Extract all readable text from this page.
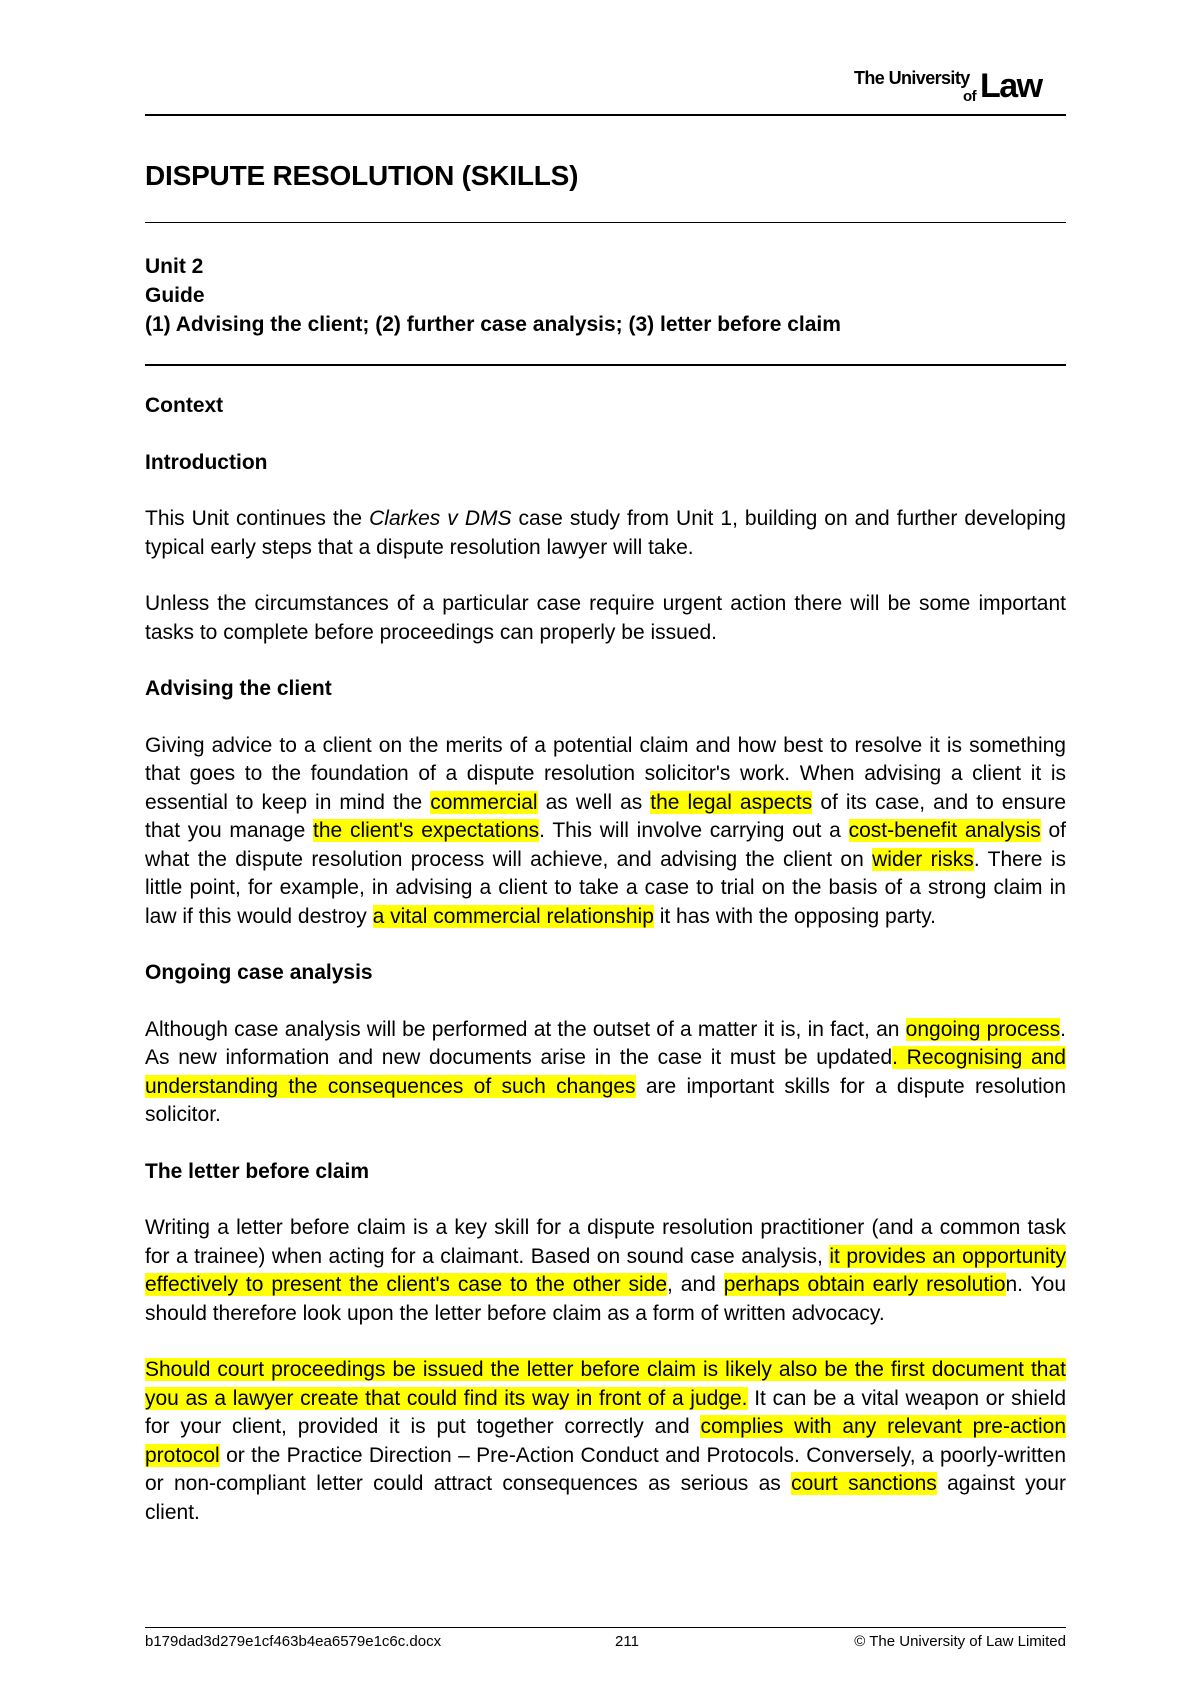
The University
of Law
DISPUTE RESOLUTION (SKILLS)
Unit 2
Guide
(1) Advising the client; (2) further case analysis; (3) letter before claim
Context
Introduction

This Unit continues the Clarkes v DMS case study from Unit 1, building on and further developing typical early steps that a dispute resolution lawyer will take.

Unless the circumstances of a particular case require urgent action there will be some important tasks to complete before proceedings can properly be issued.

Advising the client

Giving advice to a client on the merits of a potential claim and how best to resolve it is something that goes to the foundation of a dispute resolution solicitor's work. When advising a client it is essential to keep in mind the commercial as well as the legal aspects of its case, and to ensure that you manage the client's expectations. This will involve carrying out a cost-benefit analysis of what the dispute resolution process will achieve, and advising the client on wider risks. There is little point, for example, in advising a client to take a case to trial on the basis of a strong claim in law if this would destroy a vital commercial relationship it has with the opposing party.

Ongoing case analysis

Although case analysis will be performed at the outset of a matter it is, in fact, an ongoing process. As new information and new documents arise in the case it must be updated. Recognising and understanding the consequences of such changes are important skills for a dispute resolution solicitor.

The letter before claim

Writing a letter before claim is a key skill for a dispute resolution practitioner (and a common task for a trainee) when acting for a claimant. Based on sound case analysis, it provides an opportunity effectively to present the client's case to the other side, and perhaps obtain early resolution. You should therefore look upon the letter before claim as a form of written advocacy.

Should court proceedings be issued the letter before claim is likely also be the first document that you as a lawyer create that could find its way in front of a judge. It can be a vital weapon or shield for your client, provided it is put together correctly and complies with any relevant pre-action protocol or the Practice Direction – Pre-Action Conduct and Protocols. Conversely, a poorly-written or non-compliant letter could attract consequences as serious as court sanctions against your client.

b179dad3d279e1cf463b4ea6579e1c6c.docx	211	© The University of Law Limited
